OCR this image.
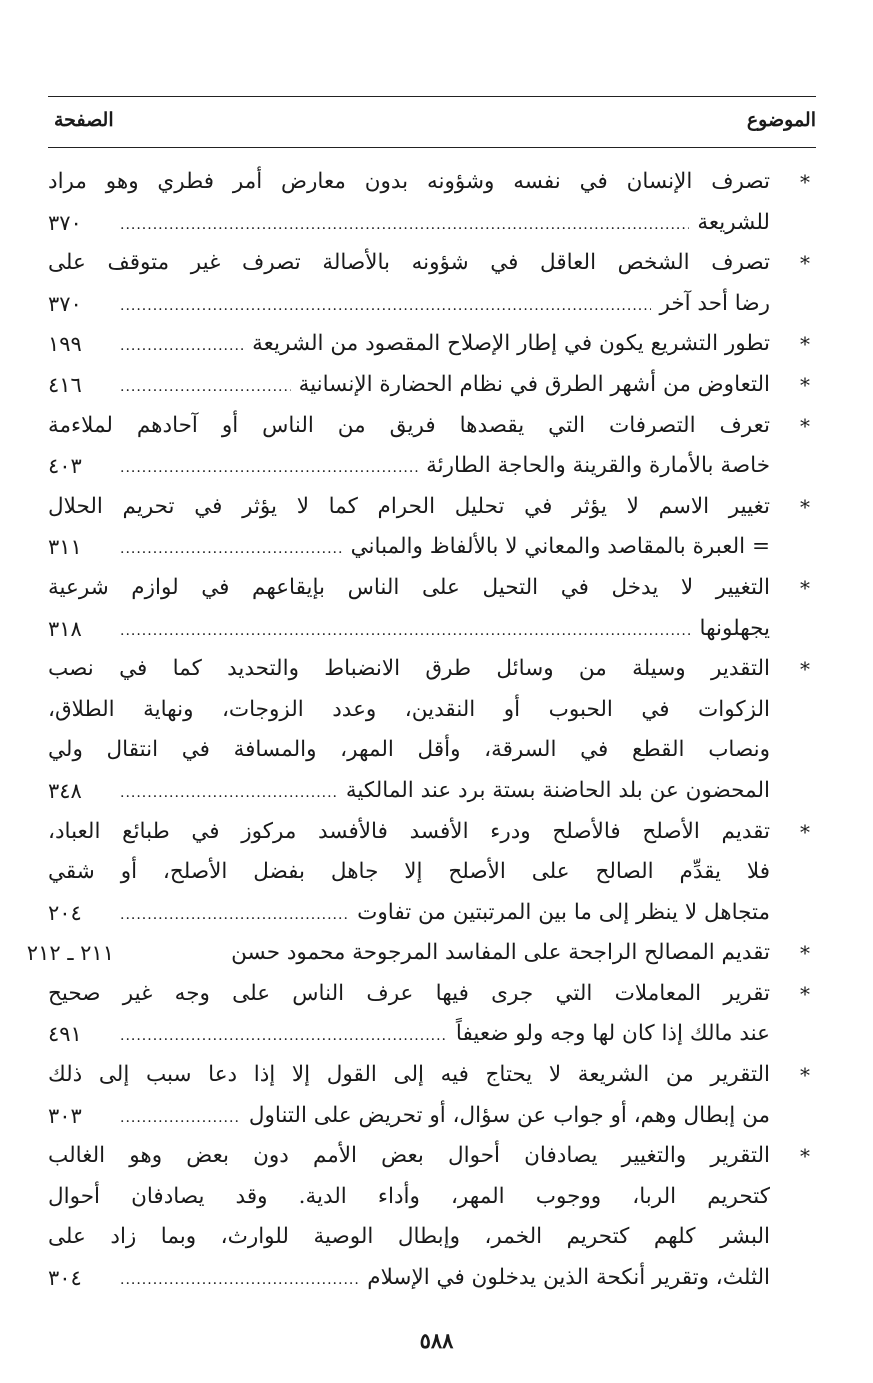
الموضوع
الصفحة
*
تصرف الإنسان في نفسه وشؤونه بدون معارض أمر فطري وهو مراد
للشريعة
.....
٣٧٠
*
تصرف الشخص العاقل في شؤونه بالأصالة تصرف غير متوقف على
رضا أحد آخر
.....
٣٧٠
*
تطور التشريع يكون في إطار الإصلاح المقصود من الشريعة
.....
١٩٩
*
التعاوض من أشهر الطرق في نظام الحضارة الإنسانية
.....
٤١٦
*
تعرف التصرفات التي يقصدها فريق من الناس أو آحادهم لملاءمة
خاصة بالأمارة والقرينة والحاجة الطارئة
.....
٤٠٣
*
تغيير الاسم لا يؤثر في تحليل الحرام كما لا يؤثر في تحريم الحلال
= العبرة بالمقاصد والمعاني لا بالألفاظ والمباني
.....
٣١١
*
التغيير لا يدخل في التحيل على الناس بإيقاعهم في لوازم شرعية
يجهلونها
.....
٣١٨
*
التقدير وسيلة من وسائل طرق الانضباط والتحديد كما في نصب
الزكوات في الحبوب أو النقدين، وعدد الزوجات، ونهاية الطلاق،
ونصاب القطع في السرقة، وأقل المهر، والمسافة في انتقال ولي
المحضون عن بلد الحاضنة بستة برد عند المالكية
.....
٣٤٨
*
تقديم الأصلح فالأصلح ودرء الأفسد فالأفسد مركوز في طبائع العباد،
فلا يقدِّم الصالح على الأصلح إلا جاهل بفضل الأصلح، أو شقي
متجاهل لا ينظر إلى ما بين المرتبتين من تفاوت
.....
٢٠٤
*
تقديم المصالح الراجحة على المفاسد المرجوحة محمود حسن
٢١١ ـ ٢١٢
*
تقرير المعاملات التي جرى فيها عرف الناس على وجه غير صحيح
عند مالك إذا كان لها وجه ولو ضعيفاً
.....
٤٩١
*
التقرير من الشريعة لا يحتاج فيه إلى القول إلا إذا دعا سبب إلى ذلك
من إبطال وهم، أو جواب عن سؤال، أو تحريض على التناول
.....
٣٠٣
*
التقرير والتغيير يصادفان أحوال بعض الأمم دون بعض وهو الغالب
كتحريم الربا، ووجوب المهر، وأداء الدية. وقد يصادفان أحوال
البشر كلهم كتحريم الخمر، وإبطال الوصية للوارث، وبما زاد على
الثلث، وتقرير أنكحة الذين يدخلون في الإسلام
.....
٣٠٤
٥٨٨
